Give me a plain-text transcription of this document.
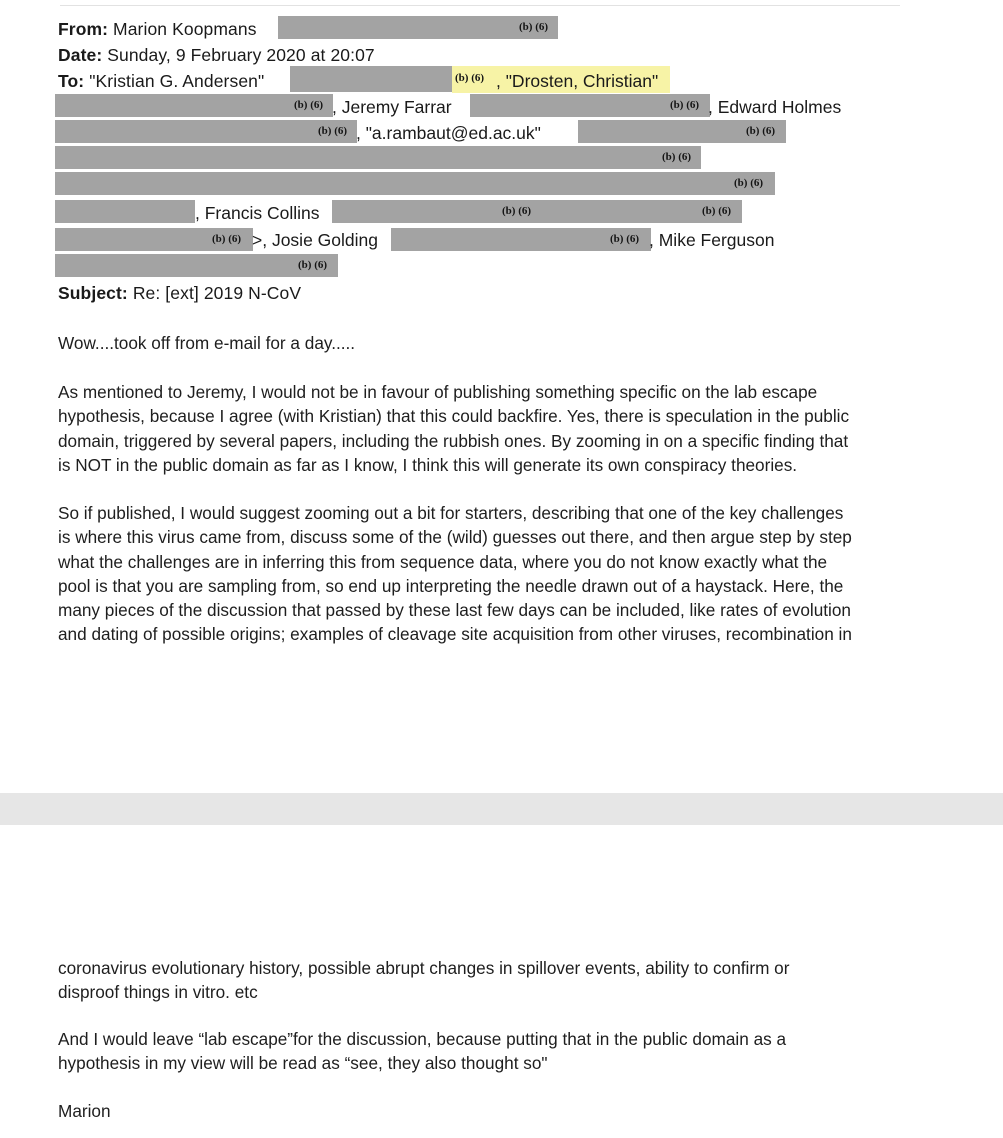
From: Marion Koopmans	(b) (6)
Date: Sunday, 9 February 2020 at 20:07
To: "Kristian G. Andersen"	(b) (6) , "Drosten, Christian"
(b) (6) , Jeremy Farrar	(b) (6) , Edward Holmes
(b) (6) , "a.rambaut@ed.ac.uk"	(b) (6)
(b) (6)
(b) (6)
, Francis Collins	(b) (6)	(b) (6)
(b) (6) >, Josie Golding	(b) (6) , Mike Ferguson
(b) (6)
Subject: Re: [ext] 2019 N-CoV
Wow....took off from e-mail for a day.....
As mentioned to Jeremy, I would not be in favour of publishing something specific on the lab escape
hypothesis, because I agree (with Kristian) that this could backfire. Yes, there is speculation in the public
domain, triggered by several papers, including the rubbish ones. By zooming in on a specific finding that
is NOT in the public domain as far as I know, I think this will generate its own conspiracy theories.
So if published, I would suggest zooming out a bit for starters, describing that one of the key challenges
is where this virus came from, discuss some of the (wild) guesses out there, and then argue step by step
what the challenges are in inferring this from sequence data, where you do not know exactly what the
pool is that you are sampling from, so end up interpreting the needle drawn out of a haystack. Here, the
many pieces of the discussion that passed by these last few days can be included, like rates of evolution
and dating of possible origins; examples of cleavage site acquisition from other viruses, recombination in
coronavirus evolutionary history, possible abrupt changes in spillover events, ability to confirm or
disproof things in vitro. etc
And I would leave “lab escape”for the discussion, because putting that in the public domain as a
hypothesis in my view will be read as “see, they also thought so"
Marion
